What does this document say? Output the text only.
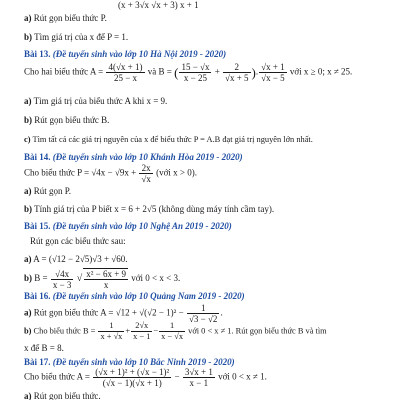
(x + 3√x √x + 3) x + 1
a) Rút gọn biểu thức P.
b) Tìm giá trị của x để P = 1.
Bài 13. (Đề tuyển sinh vào lớp 10 Hà Nội 2019 - 2020)
Cho hai biểu thức $A = \frac{4(√x + 1)}{25 - x}$ và B = ( $\frac{15 - √x}{x - 25} + \frac{2}{√x + 5}$ ). $\frac{√x + 1}{√x - 5}$ với x ≥ 0; x ≠ 25.
a) Tìm giá trị của biểu thức A khi x = 9.
b) Rút gọn biểu thức B.
c) Tìm tất cả các giá trị nguyên của x để biểu thức P = A.B đạt giá trị nguyên lớn nhất.
Bài 14. (Đề tuyển sinh vào lớp 10 Khánh Hòa 2019 - 2020)
Cho biểu thức $P = √4x - √9x + \frac{2x}{√x}$ (với x > 0).
a) Rút gọn P.
b) Tính giá trị của P biết x = 6 + 2√5 (không dùng máy tính cầm tay).
Bài 15. (Đề tuyển sinh vào lớp 10 Nghệ An 2019 - 2020)
Rút gọn các biểu thức sau:
a) A = (√12 − 2√5)√3 + √60.
b) $B = \frac{√4x}{x - 3}$ √ $\frac{\text{x² − 6x + 9}}{x}$ với 0 < x < 3.
Bài 16. (Đề tuyển sinh vào lớp 10 Quảng Nam 2019 - 2020)
a) Rút gọn biểu thức $A = √12 + √(√2 - 1)^2 - \frac{1}{√3 - √2}$ .
b) Cho biểu thức $B = \frac{1}{x + √x} + \frac{2√x}{x - 1} - \frac{1}{x - √x}$ với 0 < x ≠ 1. Rút gọn biểu thức B và tìm
x để B = 8.
Bài 17. (Đề tuyển sinh vào lớp 10 Bắc Ninh 2019 - 2020)
Cho biểu thức $A = \frac{\text{(√x + 1)² + (√x − 1)²}}{(√x - 1)(√x + 1)} - \frac{3√x + 1}{x - 1}$ với 0 < x ≠ 1.
a) Rút gọn biểu thức.
